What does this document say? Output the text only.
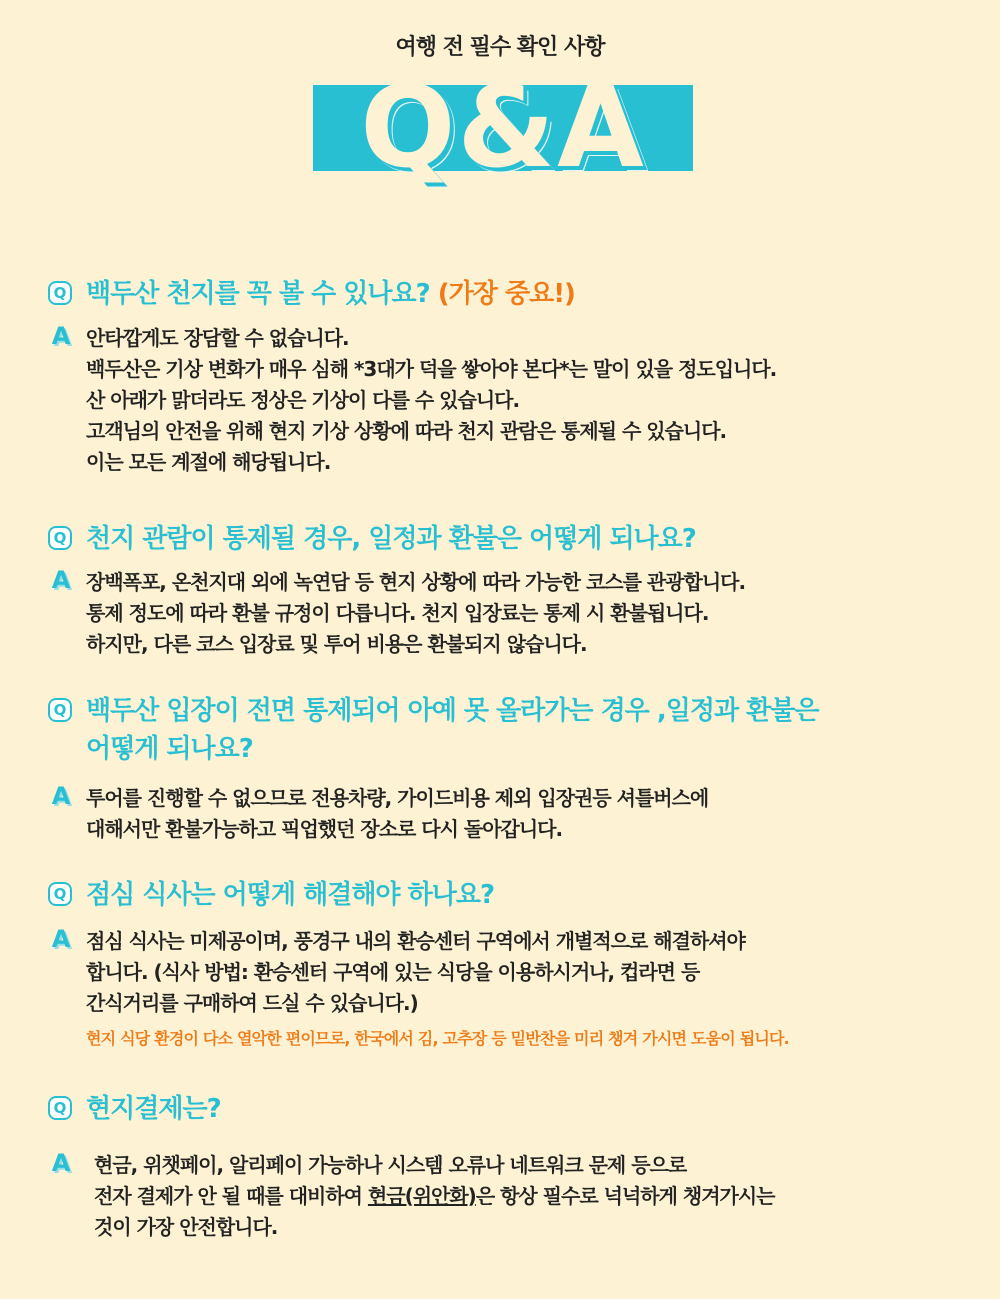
여행 전 필수 확인 사항
Q&A
Q 백두산 천지를 꼭 볼 수 있나요? (가장 중요!)
A 안타깝게도 장담할 수 없습니다.
백두산은 기상 변화가 매우 심해 *3대가 덕을 쌓아야 본다*는 말이 있을 정도입니다.
산 아래가 맑더라도 정상은 기상이 다를 수 있습니다.
고객님의 안전을 위해 현지 기상 상황에 따라 천지 관람은 통제될 수 있습니다.
이는 모든 계절에 해당됩니다.
Q 천지 관람이 통제될 경우, 일정과 환불은 어떻게 되나요?
A 장백폭포, 온천지대 외에 녹연담 등 현지 상황에 따라 가능한 코스를 관광합니다.
통제 정도에 따라 환불 규정이 다릅니다. 천지 입장료는 통제 시 환불됩니다.
하지만, 다른 코스 입장료 및 투어 비용은 환불되지 않습니다.
Q 백두산 입장이 전면 통제되어 아예 못 올라가는 경우 ,일정과 환불은
어떻게 되나요?
A 투어를 진행할 수 없으므로 전용차량, 가이드비용 제외 입장권등 셔틀버스에
대해서만 환불가능하고 픽업했던 장소로 다시 돌아갑니다.
Q 점심 식사는 어떻게 해결해야 하나요?
A 점심 식사는 미제공이며, 풍경구 내의 환승센터 구역에서 개별적으로 해결하셔야
합니다. (식사 방법: 환승센터 구역에 있는 식당을 이용하시거나, 컵라면 등
간식거리를 구매하여 드실 수 있습니다.)
현지 식당 환경이 다소 열악한 편이므로, 한국에서 김, 고추장 등 밑반찬을 미리 챙겨 가시면 도움이 됩니다.
Q 현지결제는?
A 현금, 위챗페이, 알리페이 가능하나 시스템 오류나 네트워크 문제 등으로
전자 결제가 안 될 때를 대비하여 현금(위안화)은 항상 필수로 넉넉하게 챙겨가시는
것이 가장 안전합니다.
